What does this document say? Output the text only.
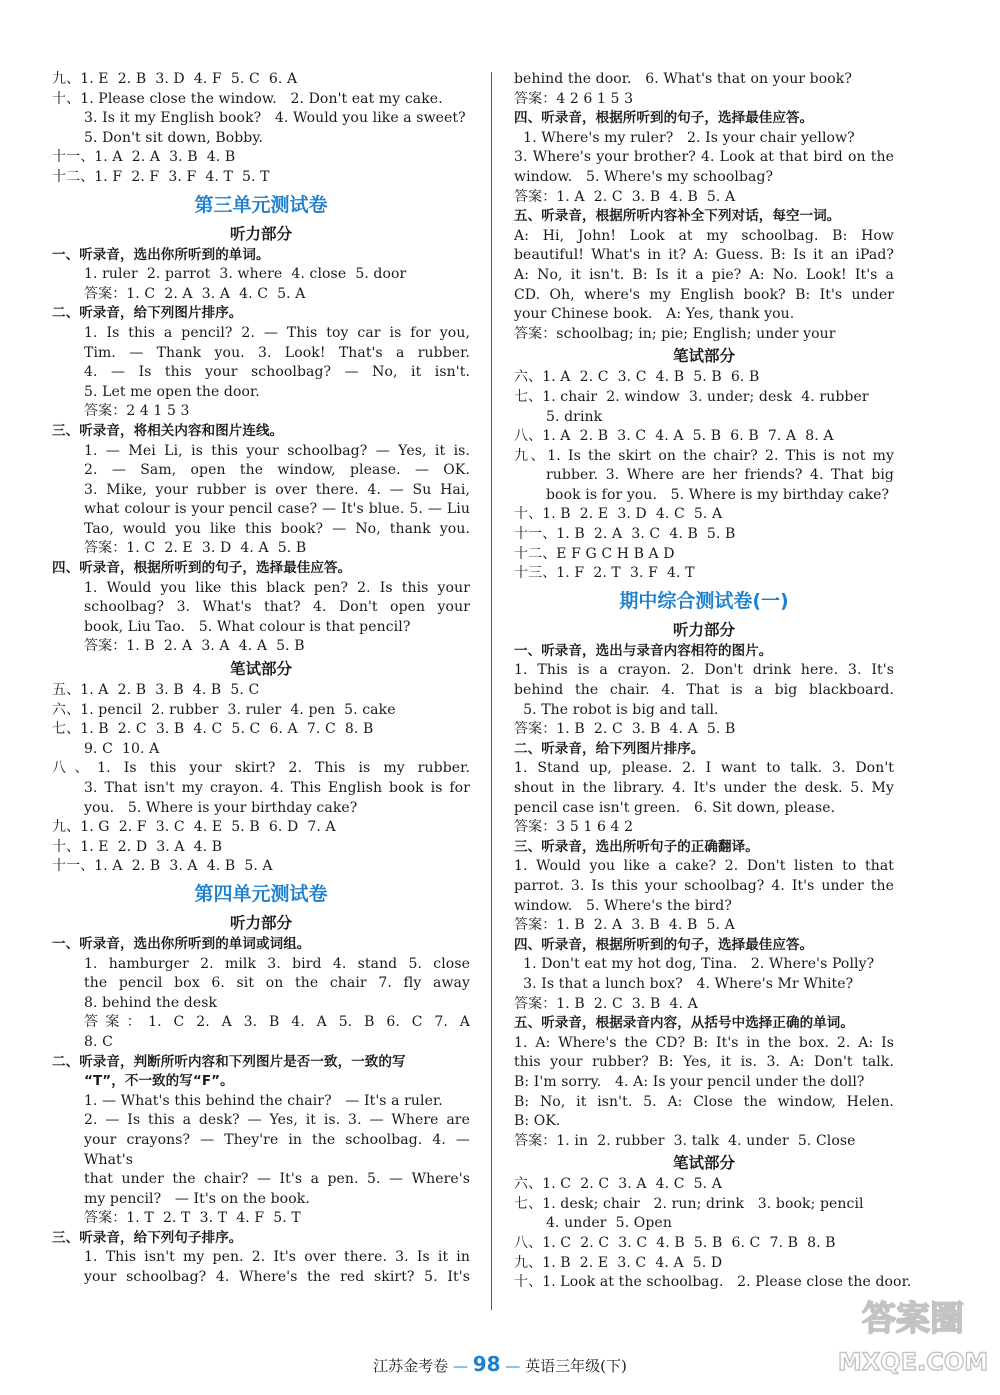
九、1. E  2. B  3. D  4. F  5. C  6. A
十、1. Please close the window.   2. Don't eat my cake.
3. Is it my English book?   4. Would you like a sweet?
5. Don't sit down, Bobby.
十一、1. A  2. A  3. B  4. B
十二、1. F  2. F  3. F  4. T  5. T
第三单元测试卷
听力部分
一、听录音，选出你所听到的单词。
1. ruler  2. parrot  3. where  4. close  5. door
答案：1. C  2. A  3. A  4. C  5. A
二、听录音，给下列图片排序。
1. Is this a pencil? 2. — This toy car is for you,
Tim. — Thank you. 3. Look! That's a rubber.
4. — Is this your schoolbag? — No, it isn't.
5. Let me open the door.
答案：2 4 1 5 3
三、听录音，将相关内容和图片连线。
1. — Mei Li, is this your schoolbag? — Yes, it is.
2. — Sam, open the window, please. — OK.
3. Mike, your rubber is over there. 4. — Su Hai,
what colour is your pencil case? — It's blue. 5. — Liu
Tao, would you like this book? — No, thank you.
答案：1. C  2. E  3. D  4. A  5. B
四、听录音，根据所听到的句子，选择最佳应答。
1. Would you like this black pen? 2. Is this your
schoolbag? 3. What's that? 4. Don't open your
book, Liu Tao.   5. What colour is that pencil?
答案：1. B  2. A  3. A  4. A  5. B
笔试部分
五、1. A  2. B  3. B  4. B  5. C
六、1. pencil  2. rubber  3. ruler  4. pen  5. cake
七、1. B  2. C  3. B  4. C  5. C  6. A  7. C  8. B
9. C  10. A
八、1. Is this your skirt? 2. This is my rubber.
3. That isn't my crayon. 4. This English book is for
you.   5. Where is your birthday cake?
九、1. G  2. F  3. C  4. E  5. B  6. D  7. A
十、1. E  2. D  3. A  4. B
十一、1. A  2. B  3. A  4. B  5. A
第四单元测试卷
听力部分
一、听录音，选出你所听到的单词或词组。
1. hamburger 2. milk 3. bird 4. stand 5. close
the pencil box 6. sit on the chair 7. fly away
8. behind the desk
答案：1. C 2. A 3. B 4. A 5. B 6. C 7. A
8. C
二、听录音，判断所听内容和下列图片是否一致，一致的写
“T”，不一致的写“F”。
1. — What's this behind the chair?   — It's a ruler.
2. — Is this a desk? — Yes, it is. 3. — Where are
your crayons? — They're in the schoolbag. 4. — What's
that under the chair? — It's a pen. 5. — Where's
my pencil?   — It's on the book.
答案：1. T  2. T  3. T  4. F  5. T
三、听录音，给下列句子排序。
1. This isn't my pen. 2. It's over there. 3. Is it in
your schoolbag? 4. Where's the red skirt? 5. It's
behind the door.   6. What's that on your book?
答案：4 2 6 1 5 3
四、听录音，根据所听到的句子，选择最佳应答。
1. Where's my ruler?   2. Is your chair yellow?
3. Where's your brother? 4. Look at that bird on the
window.   5. Where's my schoolbag?
答案：1. A  2. C  3. B  4. B  5. A
五、听录音，根据所听内容补全下列对话，每空一词。
A: Hi, John! Look at my schoolbag. B: How
beautiful! What's in it? A: Guess. B: Is it an iPad?
A: No, it isn't. B: Is it a pie? A: No. Look! It's a
CD. Oh, where's my English book? B: It's under
your Chinese book.   A: Yes, thank you.
答案：schoolbag; in; pie; English; under your
笔试部分
六、1. A  2. C  3. C  4. B  5. B  6. B
七、1. chair  2. window  3. under; desk  4. rubber
5. drink
八、1. A  2. B  3. C  4. A  5. B  6. B  7. A  8. A
九、1. Is the skirt on the chair? 2. This is not my
rubber. 3. Where are her friends? 4. That big
book is for you.   5. Where is my birthday cake?
十、1. B  2. E  3. D  4. C  5. A
十一、1. B  2. A  3. C  4. B  5. B
十二、E F G C H B A D
十三、1. F  2. T  3. F  4. T
期中综合测试卷(一)
听力部分
一、听录音，选出与录音内容相符的图片。
1. This is a crayon. 2. Don't drink here. 3. It's
behind the chair. 4. That is a big blackboard.
5. The robot is big and tall.
答案：1. B  2. C  3. B  4. A  5. B
二、听录音，给下列图片排序。
1. Stand up, please. 2. I want to talk. 3. Don't
shout in the library. 4. It's under the desk. 5. My
pencil case isn't green.   6. Sit down, please.
答案：3 5 1 6 4 2
三、听录音，选出所听句子的正确翻译。
1. Would you like a cake? 2. Don't listen to that
parrot. 3. Is this your schoolbag? 4. It's under the
window.   5. Where's the bird?
答案：1. B  2. A  3. B  4. B  5. A
四、听录音，根据所听到的句子，选择最佳应答。
1. Don't eat my hot dog, Tina.   2. Where's Polly?
3. Is that a lunch box?   4. Where's Mr White?
答案：1. B  2. C  3. B  4. A
五、听录音，根据录音内容，从括号中选择正确的单词。
1. A: Where's the CD? B: It's in the box. 2. A: Is
this your rubber? B: Yes, it is. 3. A: Don't talk.
B: I'm sorry.   4. A: Is your pencil under the doll?
B: No, it isn't. 5. A: Close the window, Helen.
B: OK.
答案：1. in  2. rubber  3. talk  4. under  5. Close
笔试部分
六、1. C  2. C  3. A  4. C  5. A
七、1. desk; chair   2. run; drink   3. book; pencil
4. under  5. Open
八、1. C  2. C  3. C  4. B  5. B  6. C  7. B  8. B
九、1. B  2. E  3. C  4. A  5. D
十、1. Look at the schoolbag.   2. Please close the door.
江苏金考卷 — 98 — 英语三年级(下)
答案圈
MXQE.COM
